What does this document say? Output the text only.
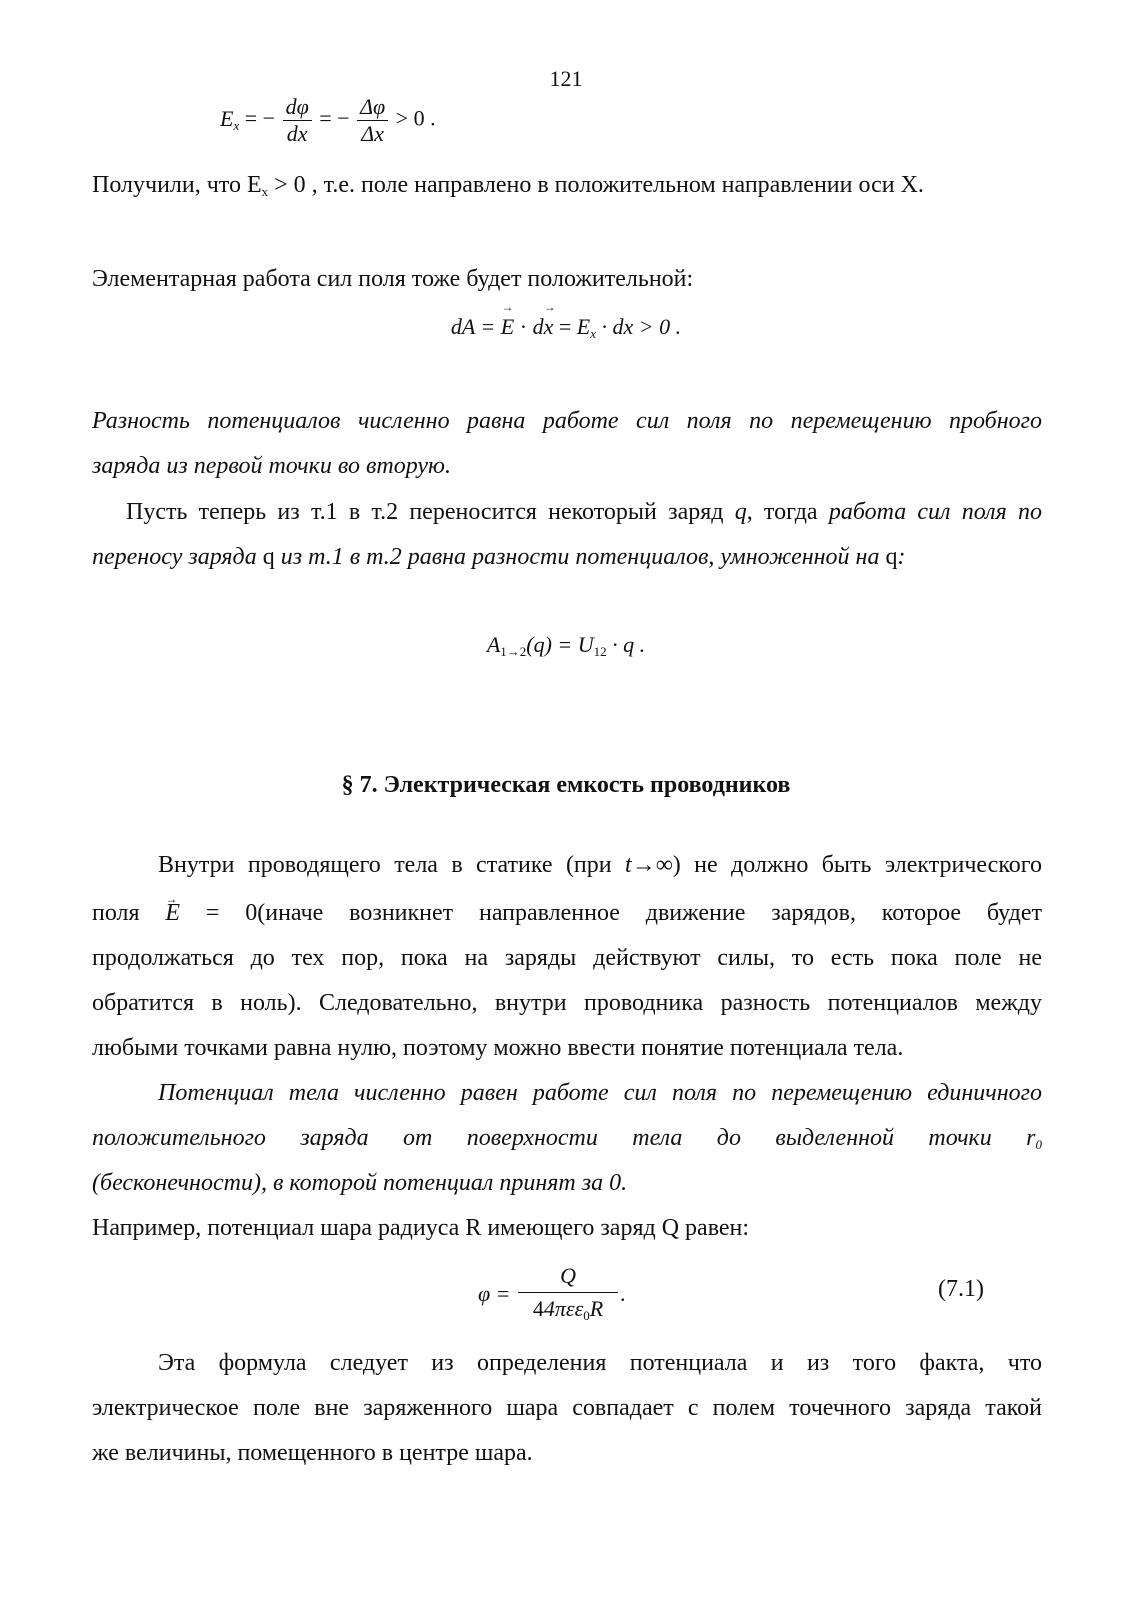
121
$E_x$ = − $\frac{d\varphi}{dx}$ = − $\frac{\Delta\varphi}{\Delta x} > 0$ .
Получили, что $E_x > 0$ , т.е. поле направлено в положительном направлении оси X.
Элементарная работа сил поля тоже будет положительной:
dA = → $E \cdot d\to x = E_x$ · dx > 0 .
Разность потенциалов численно равна работе сил поля по перемещению пробного
заряда из первой точки во вторую.
Пусть теперь из т.1 в т.2 переносится некоторый заряд q, тогда работа сил поля по
переносу заряда q из т.1 в т.2 равна разности потенциалов, умноженной на q:
$A_{1\to 2}(q) = U_{12} \cdot q$ .
§ 7. Электрическая емкость проводников
Внутри проводящего тела в статике (при t→∞) не должно быть электрического
поля → E = 0(иначе возникнет направленное движение зарядов, которое будет
продолжаться до тех пор, пока на заряды действуют силы, то есть пока поле не
обратится в ноль). Следовательно, внутри проводника разность потенциалов между
любыми точками равна нулю, поэтому можно ввести понятие потенциала тела.
Потенциал тела численно равен работе сил поля по перемещению единичного
положительного заряда от поверхности тела до выделенной точки $r_0$
(бесконечности), в которой потенциал принят за 0.
Например, потенциал шара радиуса R имеющего заряд Q равен:
$\varphi = \frac{Q}{44\pi\varepsilon\varepsilon_0R}$ .	(7.1)
Эта формула следует из определения потенциала и из того факта, что
электрическое поле вне заряженного шара совпадает с полем точечного заряда такой
же величины, помещенного в центре шара.
